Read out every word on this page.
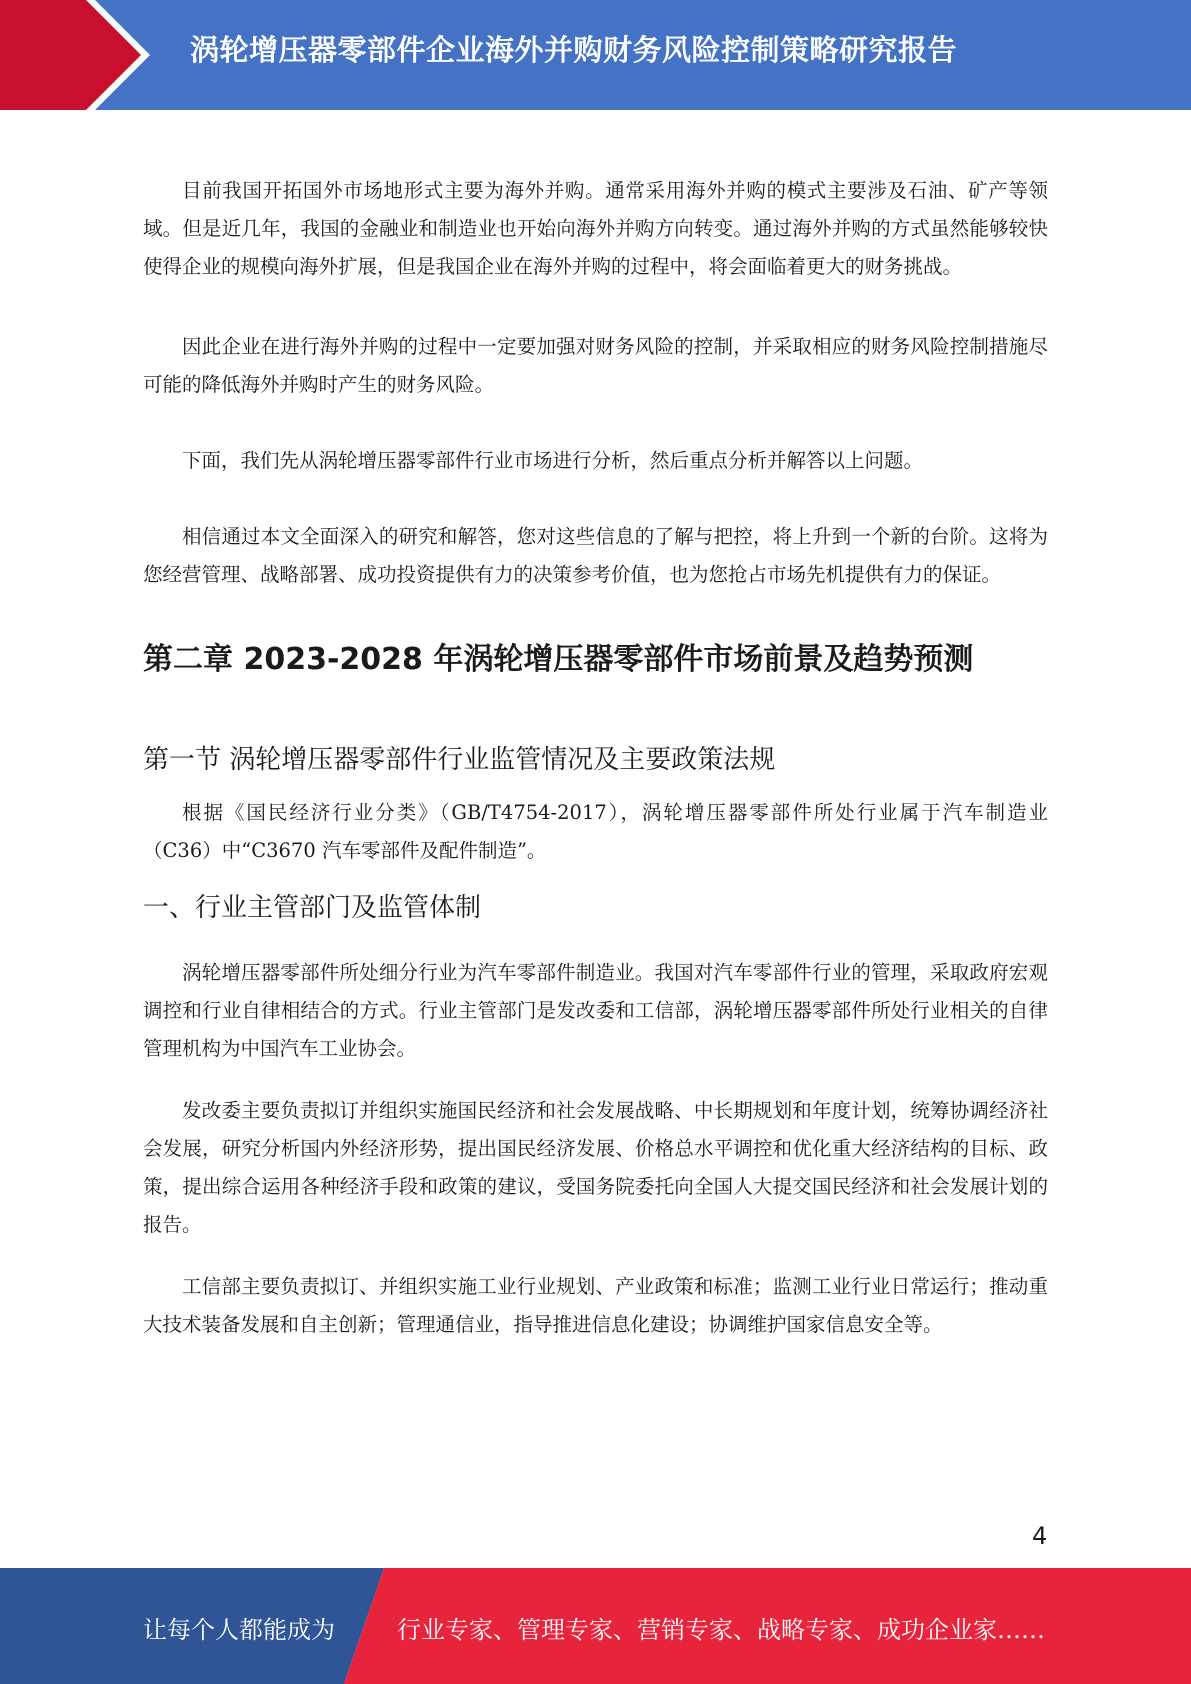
涡轮增压器零部件企业海外并购财务风险控制策略研究报告

目前我国开拓国外市场地形式主要为海外并购。通常采用海外并购的模式主要涉及石油、矿产等领域。但是近几年，我国的金融业和制造业也开始向海外并购方向转变。通过海外并购的方式虽然能够较快使得企业的规模向海外扩展，但是我国企业在海外并购的过程中，将会面临着更大的财务挑战。

因此企业在进行海外并购的过程中一定要加强对财务风险的控制，并采取相应的财务风险控制措施尽可能的降低海外并购时产生的财务风险。

下面，我们先从涡轮增压器零部件行业市场进行分析，然后重点分析并解答以上问题。

相信通过本文全面深入的研究和解答，您对这些信息的了解与把控，将上升到一个新的台阶。这将为您经营管理、战略部署、成功投资提供有力的决策参考价值，也为您抢占市场先机提供有力的保证。

第二章 2023-2028 年涡轮增压器零部件市场前景及趋势预测
第一节 涡轮增压器零部件行业监管情况及主要政策法规

根据《国民经济行业分类》（GB/T4754-2017），涡轮增压器零部件所处行业属于汽车制造业（C36）中“C3670 汽车零部件及配件制造”。

一、行业主管部门及监管体制

涡轮增压器零部件所处细分行业为汽车零部件制造业。我国对汽车零部件行业的管理，采取政府宏观调控和行业自律相结合的方式。行业主管部门是发改委和工信部，涡轮增压器零部件所处行业相关的自律管理机构为中国汽车工业协会。

发改委主要负责拟订并组织实施国民经济和社会发展战略、中长期规划和年度计划，统筹协调经济社会发展，研究分析国内外经济形势，提出国民经济发展、价格总水平调控和优化重大经济结构的目标、政策，提出综合运用各种经济手段和政策的建议，受国务院委托向全国人大提交国民经济和社会发展计划的报告。

工信部主要负责拟订、并组织实施工业行业规划、产业政策和标准；监测工业行业日常运行；推动重大技术装备发展和自主创新；管理通信业，指导推进信息化建设；协调维护国家信息安全等。

4
让每个人都能成为	行业专家、管理专家、营销专家、战略专家、成功企业家……
